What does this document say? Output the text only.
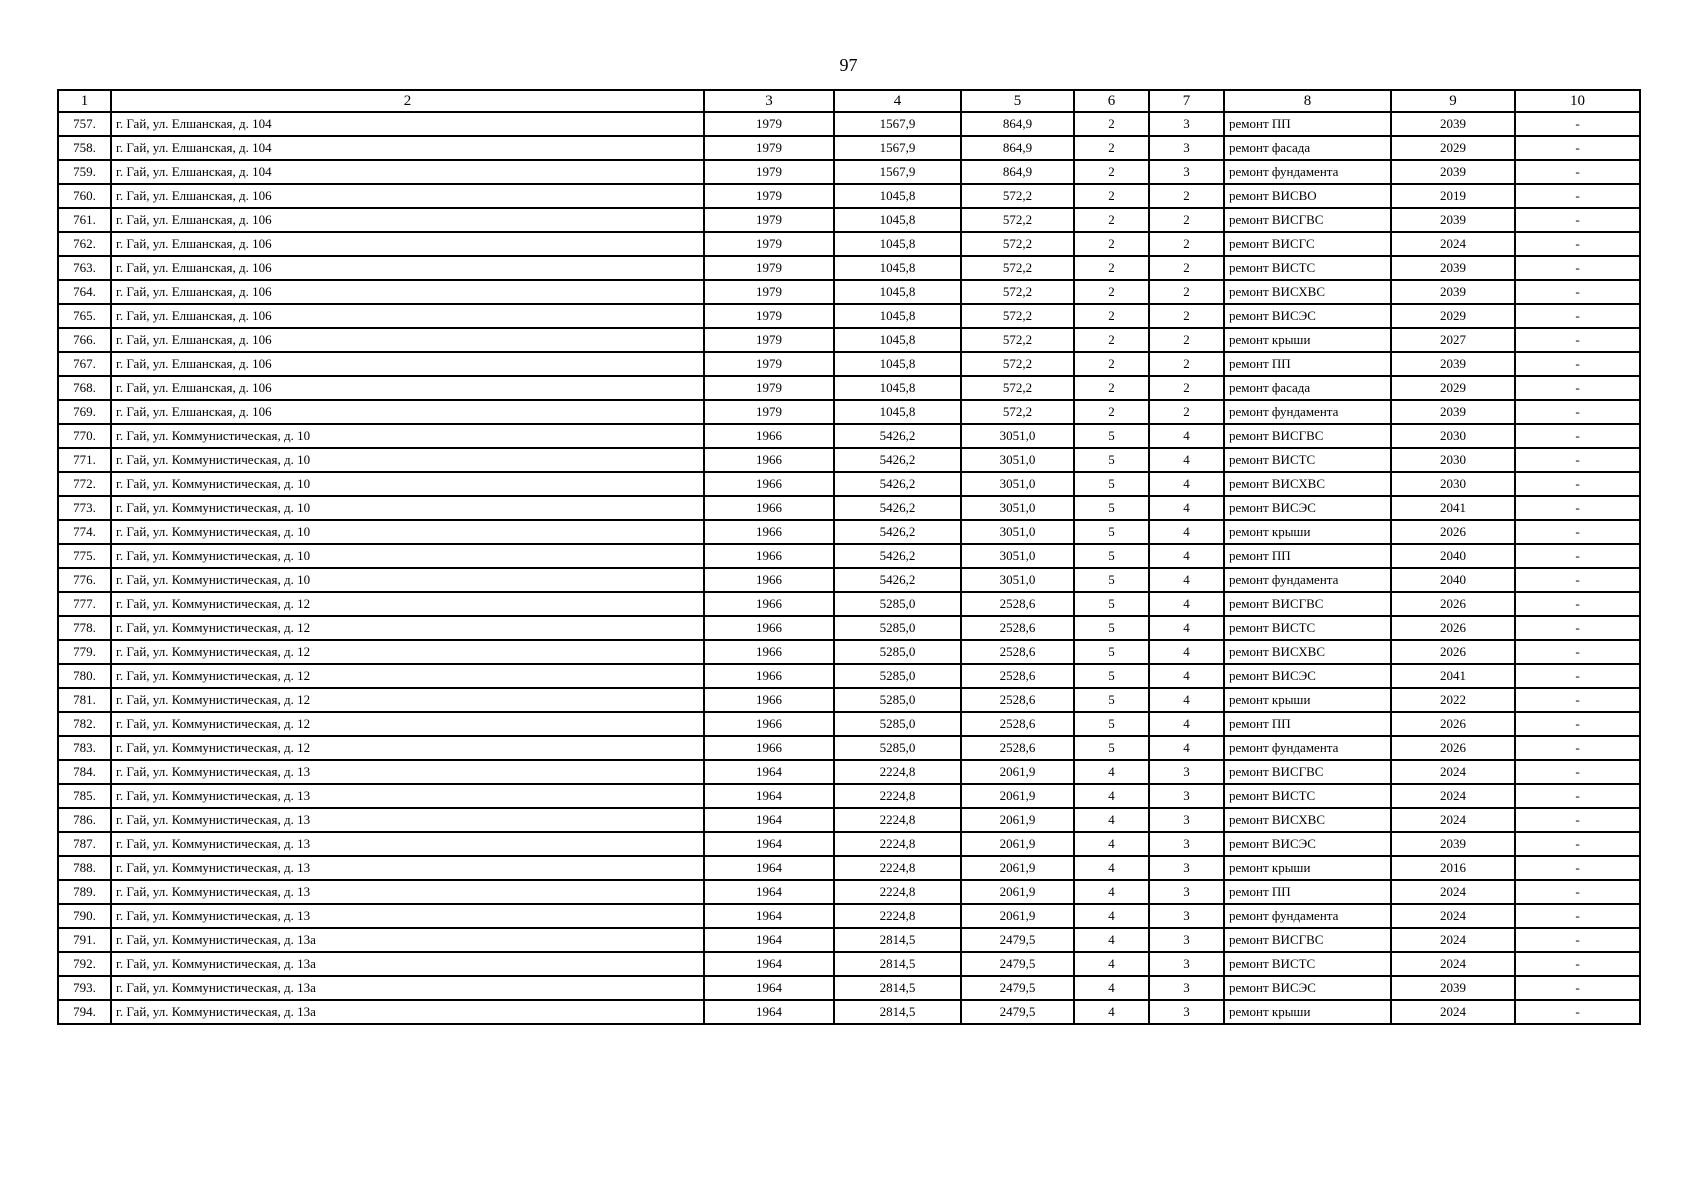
97
1	2	3	4	5	6	7	8	9	10
757.	г. Гай, ул. Елшанская, д. 104	1979	1567,9	864,9	2	3	ремонт ПП	2039	-
758.	г. Гай, ул. Елшанская, д. 104	1979	1567,9	864,9	2	3	ремонт фасада	2029	-
759.	г. Гай, ул. Елшанская, д. 104	1979	1567,9	864,9	2	3	ремонт фундамента	2039	-
760.	г. Гай, ул. Елшанская, д. 106	1979	1045,8	572,2	2	2	ремонт ВИСВО	2019	-
761.	г. Гай, ул. Елшанская, д. 106	1979	1045,8	572,2	2	2	ремонт ВИСГВС	2039	-
762.	г. Гай, ул. Елшанская, д. 106	1979	1045,8	572,2	2	2	ремонт ВИСГС	2024	-
763.	г. Гай, ул. Елшанская, д. 106	1979	1045,8	572,2	2	2	ремонт ВИСТС	2039	-
764.	г. Гай, ул. Елшанская, д. 106	1979	1045,8	572,2	2	2	ремонт ВИСХВС	2039	-
765.	г. Гай, ул. Елшанская, д. 106	1979	1045,8	572,2	2	2	ремонт ВИСЭС	2029	-
766.	г. Гай, ул. Елшанская, д. 106	1979	1045,8	572,2	2	2	ремонт крыши	2027	-
767.	г. Гай, ул. Елшанская, д. 106	1979	1045,8	572,2	2	2	ремонт ПП	2039	-
768.	г. Гай, ул. Елшанская, д. 106	1979	1045,8	572,2	2	2	ремонт фасада	2029	-
769.	г. Гай, ул. Елшанская, д. 106	1979	1045,8	572,2	2	2	ремонт фундамента	2039	-
770.	г. Гай, ул. Коммунистическая, д. 10	1966	5426,2	3051,0	5	4	ремонт ВИСГВС	2030	-
771.	г. Гай, ул. Коммунистическая, д. 10	1966	5426,2	3051,0	5	4	ремонт ВИСТС	2030	-
772.	г. Гай, ул. Коммунистическая, д. 10	1966	5426,2	3051,0	5	4	ремонт ВИСХВС	2030	-
773.	г. Гай, ул. Коммунистическая, д. 10	1966	5426,2	3051,0	5	4	ремонт ВИСЭС	2041	-
774.	г. Гай, ул. Коммунистическая, д. 10	1966	5426,2	3051,0	5	4	ремонт крыши	2026	-
775.	г. Гай, ул. Коммунистическая, д. 10	1966	5426,2	3051,0	5	4	ремонт ПП	2040	-
776.	г. Гай, ул. Коммунистическая, д. 10	1966	5426,2	3051,0	5	4	ремонт фундамента	2040	-
777.	г. Гай, ул. Коммунистическая, д. 12	1966	5285,0	2528,6	5	4	ремонт ВИСГВС	2026	-
778.	г. Гай, ул. Коммунистическая, д. 12	1966	5285,0	2528,6	5	4	ремонт ВИСТС	2026	-
779.	г. Гай, ул. Коммунистическая, д. 12	1966	5285,0	2528,6	5	4	ремонт ВИСХВС	2026	-
780.	г. Гай, ул. Коммунистическая, д. 12	1966	5285,0	2528,6	5	4	ремонт ВИСЭС	2041	-
781.	г. Гай, ул. Коммунистическая, д. 12	1966	5285,0	2528,6	5	4	ремонт крыши	2022	-
782.	г. Гай, ул. Коммунистическая, д. 12	1966	5285,0	2528,6	5	4	ремонт ПП	2026	-
783.	г. Гай, ул. Коммунистическая, д. 12	1966	5285,0	2528,6	5	4	ремонт фундамента	2026	-
784.	г. Гай, ул. Коммунистическая, д. 13	1964	2224,8	2061,9	4	3	ремонт ВИСГВС	2024	-
785.	г. Гай, ул. Коммунистическая, д. 13	1964	2224,8	2061,9	4	3	ремонт ВИСТС	2024	-
786.	г. Гай, ул. Коммунистическая, д. 13	1964	2224,8	2061,9	4	3	ремонт ВИСХВС	2024	-
787.	г. Гай, ул. Коммунистическая, д. 13	1964	2224,8	2061,9	4	3	ремонт ВИСЭС	2039	-
788.	г. Гай, ул. Коммунистическая, д. 13	1964	2224,8	2061,9	4	3	ремонт крыши	2016	-
789.	г. Гай, ул. Коммунистическая, д. 13	1964	2224,8	2061,9	4	3	ремонт ПП	2024	-
790.	г. Гай, ул. Коммунистическая, д. 13	1964	2224,8	2061,9	4	3	ремонт фундамента	2024	-
791.	г. Гай, ул. Коммунистическая, д. 13а	1964	2814,5	2479,5	4	3	ремонт ВИСГВС	2024	-
792.	г. Гай, ул. Коммунистическая, д. 13а	1964	2814,5	2479,5	4	3	ремонт ВИСТС	2024	-
793.	г. Гай, ул. Коммунистическая, д. 13а	1964	2814,5	2479,5	4	3	ремонт ВИСЭС	2039	-
794.	г. Гай, ул. Коммунистическая, д. 13а	1964	2814,5	2479,5	4	3	ремонт крыши	2024	-
